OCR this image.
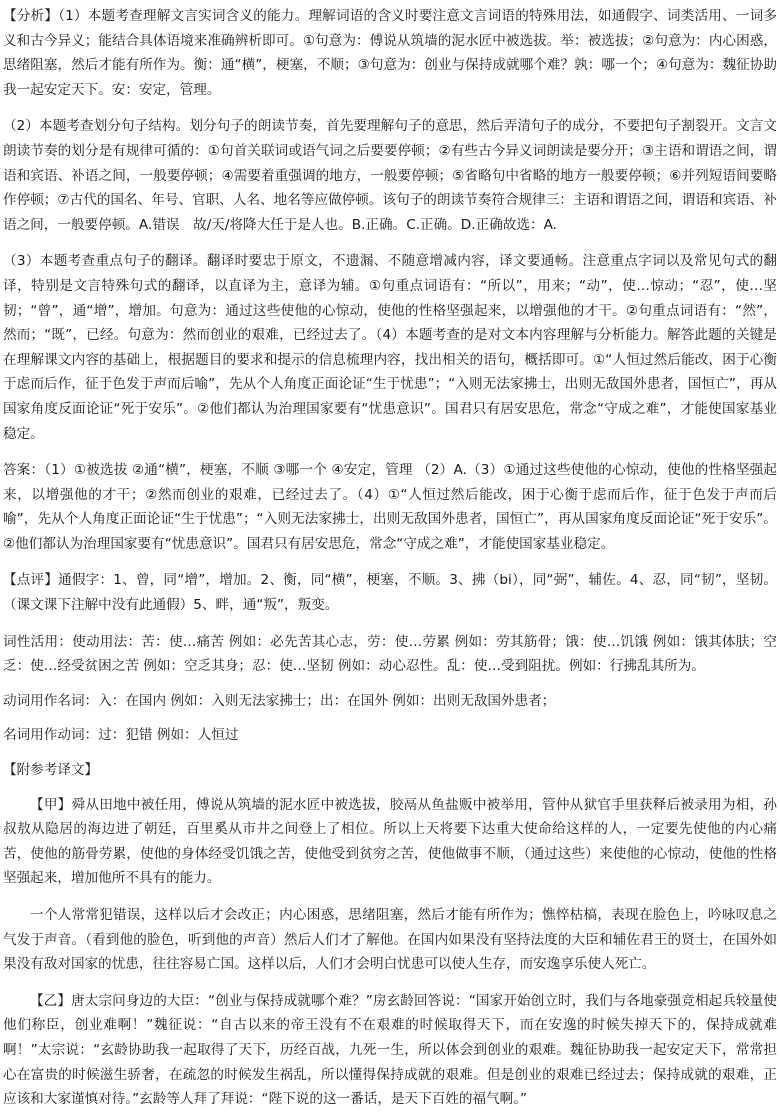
【分析】（1）本题考查理解文言实词含义的能力。理解词语的含义时要注意文言词语的特殊用法，如通假字、词类活用、一词多义和古今异义；能结合具体语境来准确辨析即可。①句意为：傅说从筑墙的泥水匠中被选拔。举：被选拔；②句意为：内心困惑，思绪阻塞，然后才能有所作为。衡：通“横”，梗塞，不顺；③句意为：创业与保持成就哪个难？孰：哪一个；④句意为：魏征协助我一起安定天下。安：安定，管理。

（2）本题考查划分句子结构。划分句子的朗读节奏，首先要理解句子的意思，然后弄清句子的成分，不要把句子割裂开。文言文朗读节奏的划分是有规律可循的：①句首关联词或语气词之后要要停顿；②有些古今异义词朗读是要分开；③主语和谓语之间，谓语和宾语、补语之间，一般要停顿；④需要着重强调的地方，一般要停顿；⑤省略句中省略的地方一般要停顿；⑥并列短语间要略作停顿；⑦古代的国名、年号、官职、人名、地名等应做停顿。该句子的朗读节奏符合规律三：主语和谓语之间，谓语和宾语、补语之间，一般要停顿。A.错误　故/天/将降大任于是人也。B.正确。C.正确。D.正确故选：A.

（3）本题考查重点句子的翻译。翻译时要忠于原文，不遗漏、不随意增减内容，译文要通畅。注意重点字词以及常见句式的翻译，特别是文言特殊句式的翻译，以直译为主，意译为辅。①句重点词语有：“所以”，用来；“动”，使…惊动；“忍”，使…坚韧；“曾”，通“增”，增加。句意为：通过这些使他的心惊动，使他的性格坚强起来，以增强他的才干。②句重点词语有：“然”，然而；“既”，已经。句意为：然而创业的艰难，已经过去了。（4）本题考查的是对文本内容理解与分析能力。解答此题的关键是在理解课文内容的基础上，根据题目的要求和提示的信息梳理内容，找出相关的语句，概括即可。①“人恒过然后能改，困于心衡于虑而后作，征于色发于声而后喻”，先从个人角度正面论证“生于忧患”；“入则无法家拂士，出则无敌国外患者，国恒亡”，再从国家角度反面论证“死于安乐”。②他们都认为治理国家要有“忧患意识”。国君只有居安思危，常念“守成之难”，才能使国家基业稳定。

答案：（1）①被选拔 ②通“横”，梗塞，不顺 ③哪一个 ④安定，管理 （2）A.（3）①通过这些使他的心惊动，使他的性格坚强起来，以增强他的才干；②然而创业的艰难，已经过去了。（4）①“人恒过然后能改，困于心衡于虑而后作，征于色发于声而后喻”，先从个人角度正面论证“生于忧患”；“入则无法家拂士，出则无敌国外患者，国恒亡”，再从国家角度反面论证“死于安乐”。②他们都认为治理国家要有“忧患意识”。国君只有居安思危，常念“守成之难”，才能使国家基业稳定。

【点评】通假字：1、曾，同“增”，增加。2、衡，同“横”，梗塞，不顺。3、拂（bi），同“弼”，辅佐。4、忍，同“韧”，坚韧。（课文课下注解中没有此通假）5、畔，通“叛”，叛变。

词性活用：使动用法：苦：使…痛苦 例如：必先苦其心志，劳：使…劳累 例如：劳其筋骨；饿：使…饥饿 例如：饿其体肤；空乏：使…经受贫困之苦 例如：空乏其身；忍：使…坚韧 例如：动心忍性。乱：使…受到阻扰。例如：行拂乱其所为。

动词用作名词：入：在国内 例如：入则无法家拂士；出：在国外 例如：出则无敌国外患者；

名词用作动词：过：犯错 例如：人恒过

【附参考译文】

【甲】舜从田地中被任用，傅说从筑墙的泥水匠中被选拔，胶鬲从鱼盐贩中被举用，管仲从狱官手里获释后被录用为相，孙叔敖从隐居的海边进了朝廷，百里奚从市井之间登上了相位。所以上天将要下达重大使命给这样的人，一定要先使他的内心痛苦，使他的筋骨劳累，使他的身体经受饥饿之苦，使他受到贫穷之苦，使他做事不顺，（通过这些）来使他的心惊动，使他的性格坚强起来，增加他所不具有的能力。

一个人常常犯错误，这样以后才会改正；内心困惑，思绪阻塞，然后才能有所作为；憔悴枯槁，表现在脸色上，吟咏叹息之气发于声音。（看到他的脸色，听到他的声音）然后人们才了解他。在国内如果没有坚持法度的大臣和辅佐君王的贤士，在国外如果没有敌对国家的忧患，往往容易亡国。这样以后，人们才会明白忧患可以使人生存，而安逸享乐使人死亡。

【乙】唐太宗问身边的大臣：“创业与保持成就哪个难？”房玄龄回答说：“国家开始创立时，我们与各地豪强竞相起兵较量使他们称臣，创业难啊！”魏征说：“自古以来的帝王没有不在艰难的时候取得天下，而在安逸的时候失掉天下的，保持成就难啊！”太宗说：“玄龄协助我一起取得了天下，历经百战，九死一生，所以体会到创业的艰难。魏征协助我一起安定天下，常常担心在富贵的时候滋生骄奢，在疏忽的时候发生祸乱，所以懂得保持成就的艰难。但是创业的艰难已经过去；保持成就的艰难，正应该和大家谨慎对待。”玄龄等人拜了拜说：“陛下说的这一番话，是天下百姓的福气啊。”
